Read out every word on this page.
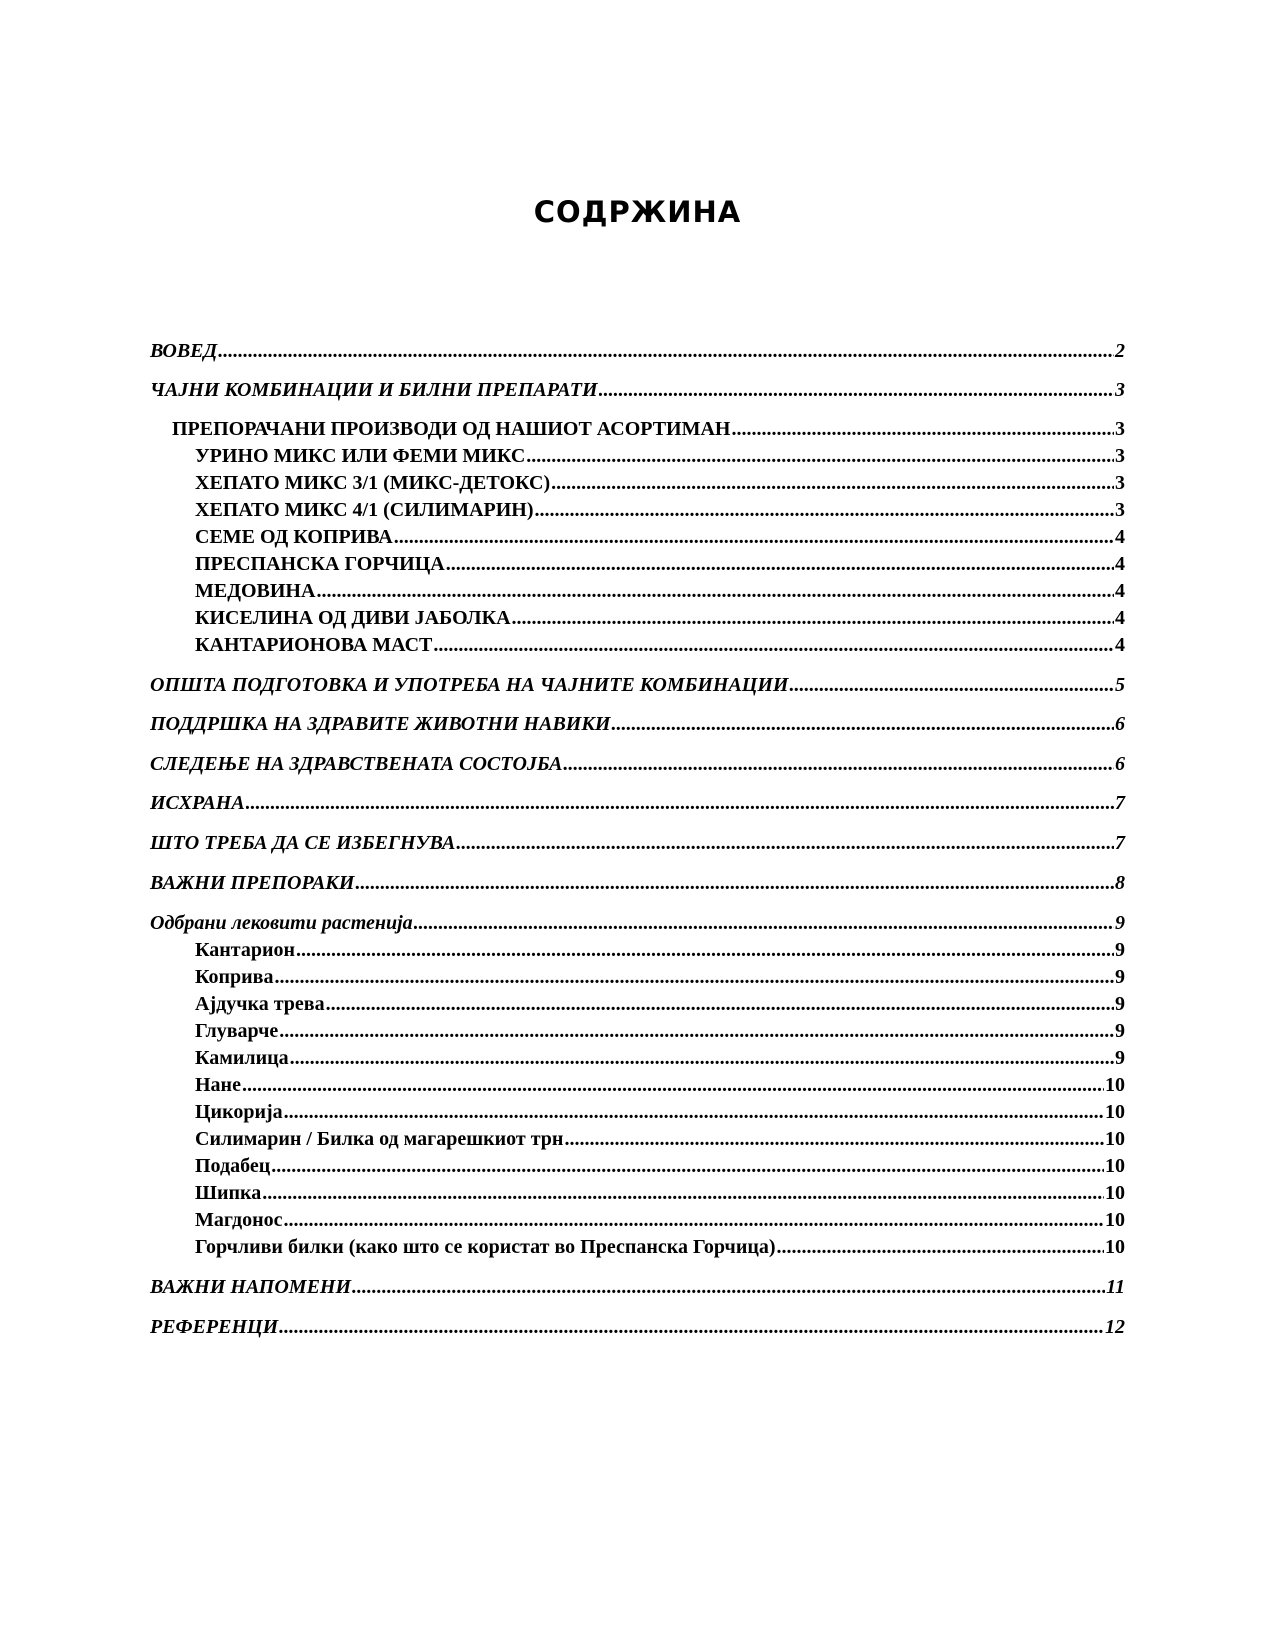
СОДРЖИНА
ВОВЕД .....	2
ЧАЈНИ КОМБИНАЦИИ И БИЛНИ ПРЕПАРАТИ .....	3
ПРЕПОРАЧАНИ ПРОИЗВОДИ ОД НАШИОТ АСОРТИМАН .....	3
УРИНО МИКС ИЛИ ФЕМИ МИКС .....	3
ХЕПАТО МИКС 3/1 (МИКС-ДЕТОКС) .....	3
ХЕПАТО МИКС 4/1 (СИЛИМАРИН) .....	3
СЕМЕ ОД КОПРИВА .....	4
ПРЕСПАНСКА ГОРЧИЦА .....	4
МЕДОВИНА .....	4
КИСЕЛИНА ОД ДИВИ ЈАБОЛКА .....	4
КАНТАРИОНОВА МАСТ .....	4
ОПШТА ПОДГОТОВКА И УПОТРЕБА НА ЧАЈНИТЕ КОМБИНАЦИИ .....	5
ПОДДРШКА НА ЗДРАВИТЕ ЖИВОТНИ НАВИКИ .....	6
СЛЕДЕЊЕ НА ЗДРАВСТВЕНАТА СОСТОЈБА .....	6
ИСХРАНА .....	7
ШТО ТРЕБА ДА СЕ ИЗБЕГНУВА .....	7
ВАЖНИ ПРЕПОРАКИ .....	8
Одбрани лековити растенија .....	9
Кантарион .....	9
Коприва .....	9
Ајдучка трева .....	9
Глуварче .....	9
Камилица .....	9
Нане .....	10
Цикорија .....	10
Силимарин / Билка од магарешкиот трн .....	10
Подабец .....	10
Шипка .....	10
Магдонос .....	10
Горчливи билки (како што се користат во Преспанска Горчица) .....	10
ВАЖНИ НАПОМЕНИ .....	11
РЕФЕРЕНЦИ .....	12
